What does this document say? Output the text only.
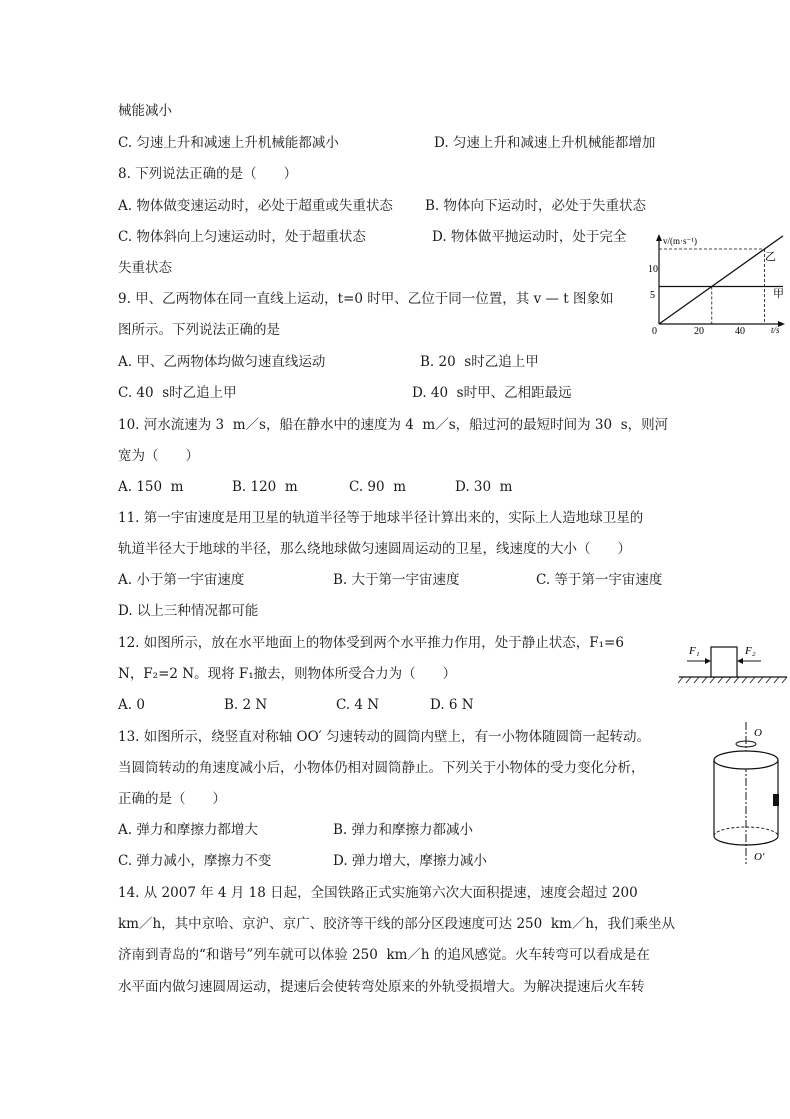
械能减小
C. 匀速上升和减速上升机械能都减小	D. 匀速上升和减速上升机械能都增加
8. 下列说法正确的是（　　）
A. 物体做变速运动时，必处于超重或失重状态 B. 物体向下运动时，必处于失重状态
C. 物体斜向上匀速运动时，处于超重状态	D. 物体做平抛运动时，处于完全
失重状态
9. 甲、乙两物体在同一直线上运动，t=0 时甲、乙位于同一位置，其 v — t 图象如
图所示。下列说法正确的是
A. 甲、乙两物体均做匀速直线运动	B. 20  s时乙追上甲
C. 40  s时乙追上甲	D. 40  s时甲、乙相距最远
10. 河水流速为 3  m／s，船在静水中的速度为 4  m／s，船过河的最短时间为 30  s，则河
宽为（　　）
A. 150  m	B. 120  m	C. 90  m	D. 30  m
11. 第一宇宙速度是用卫星的轨道半径等于地球半径计算出来的，实际上人造地球卫星的
轨道半径大于地球的半径，那么绕地球做匀速圆周运动的卫星，线速度的大小（　　）
A. 小于第一宇宙速度	B. 大于第一宇宙速度	C. 等于第一宇宙速度
D. 以上三种情况都可能
12. 如图所示，放在水平地面上的物体受到两个水平推力作用，处于静止状态，F₁=6
N，F₂=2 N。现将 F₁撤去，则物体所受合力为（　　）
A. 0	B. 2 N	C. 4 N	D. 6 N
13. 如图所示，绕竖直对称轴 OO′ 匀速转动的圆筒内壁上，有一小物体随圆筒一起转动。
当圆筒转动的角速度减小后，小物体仍相对圆筒静止。下列关于小物体的受力变化分析，
正确的是（　　）
A. 弹力和摩擦力都增大	B. 弹力和摩擦力都减小
C. 弹力减小，摩擦力不变	D. 弹力增大，摩擦力减小
14. 从 2007 年 4 月 18 日起，全国铁路正式实施第六次大面积提速，速度会超过 200
km／h，其中京哈、京沪、京广、胶济等干线的部分区段速度可达 250  km／h，我们乘坐从
济南到青岛的“和谐号”列车就可以体验 250  km／h 的追风感觉。火车转弯可以看成是在
水平面内做匀速圆周运动，提速后会使转弯处原来的外轨受损增大。为解决提速后火车转
v/(m·s⁻¹)
t/s
10
5
0	20	40
乙
甲
F₁	F₂
O
O′
